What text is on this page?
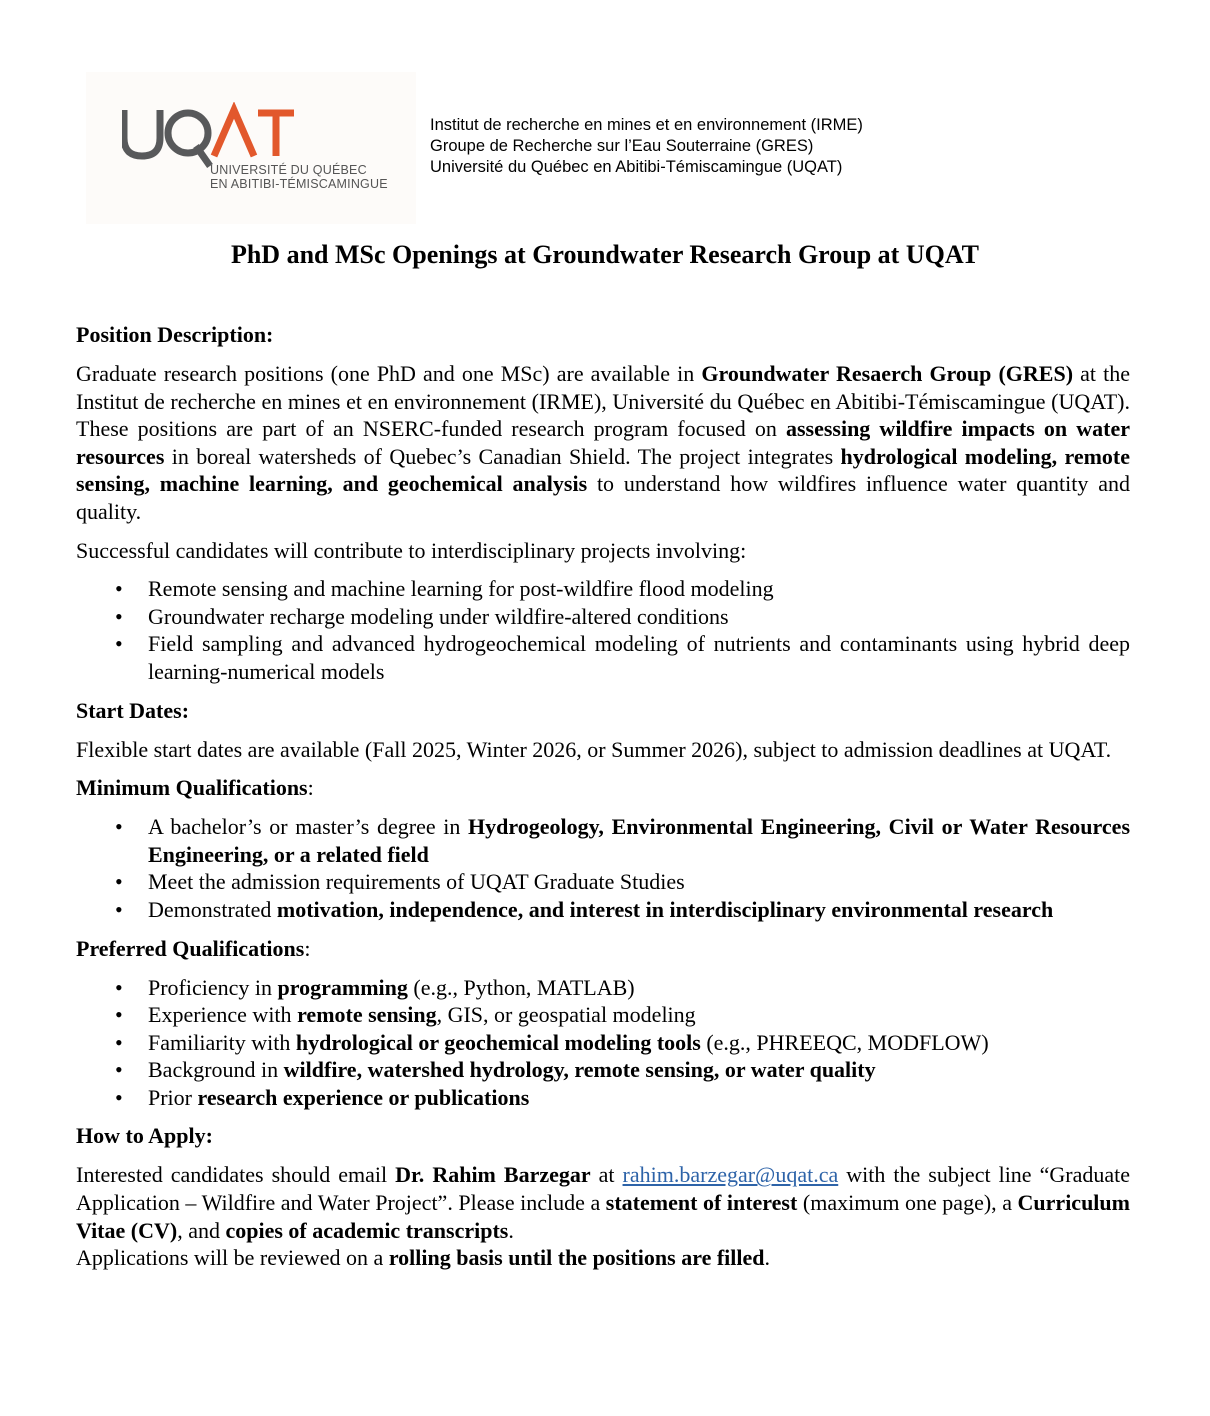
UNIVERSITÉ DU QUÉBEC
EN ABITIBI-TÉMISCAMINGUE
Institut de recherche en mines et en environnement (IRME)
Groupe de Recherche sur l’Eau Souterraine (GRES)
Université du Québec en Abitibi-Témiscamingue (UQAT)
PhD and MSc Openings at Groundwater Research Group at UQAT
Position Description:
Graduate research positions (one PhD and one MSc) are available in Groundwater Resaerch Group (GRES) at the Institut de recherche en mines et en environnement (IRME), Université du Québec en Abitibi-Témiscamingue (UQAT). These positions are part of an NSERC-funded research program focused on assessing wildfire impacts on water resources in boreal watersheds of Quebec’s Canadian Shield. The project integrates hydrological modeling, remote sensing, machine learning, and geochemical analysis to understand how wildfires influence water quantity and quality.
Successful candidates will contribute to interdisciplinary projects involving:
• Remote sensing and machine learning for post-wildfire flood modeling
• Groundwater recharge modeling under wildfire-altered conditions
• Field sampling and advanced hydrogeochemical modeling of nutrients and contaminants using hybrid deep learning-numerical models
Start Dates:
Flexible start dates are available (Fall 2025, Winter 2026, or Summer 2026), subject to admission deadlines at UQAT.
Minimum Qualifications:
• A bachelor’s or master’s degree in Hydrogeology, Environmental Engineering, Civil or Water Resources Engineering, or a related field
• Meet the admission requirements of UQAT Graduate Studies
• Demonstrated motivation, independence, and interest in interdisciplinary environmental research
Preferred Qualifications:
• Proficiency in programming (e.g., Python, MATLAB)
• Experience with remote sensing, GIS, or geospatial modeling
• Familiarity with hydrological or geochemical modeling tools (e.g., PHREEQC, MODFLOW)
• Background in wildfire, watershed hydrology, remote sensing, or water quality
• Prior research experience or publications
How to Apply:
Interested candidates should email Dr. Rahim Barzegar at rahim.barzegar@uqat.ca with the subject line “Graduate Application – Wildfire and Water Project”. Please include a statement of interest (maximum one page), a Curriculum Vitae (CV), and copies of academic transcripts.
Applications will be reviewed on a rolling basis until the positions are filled.
